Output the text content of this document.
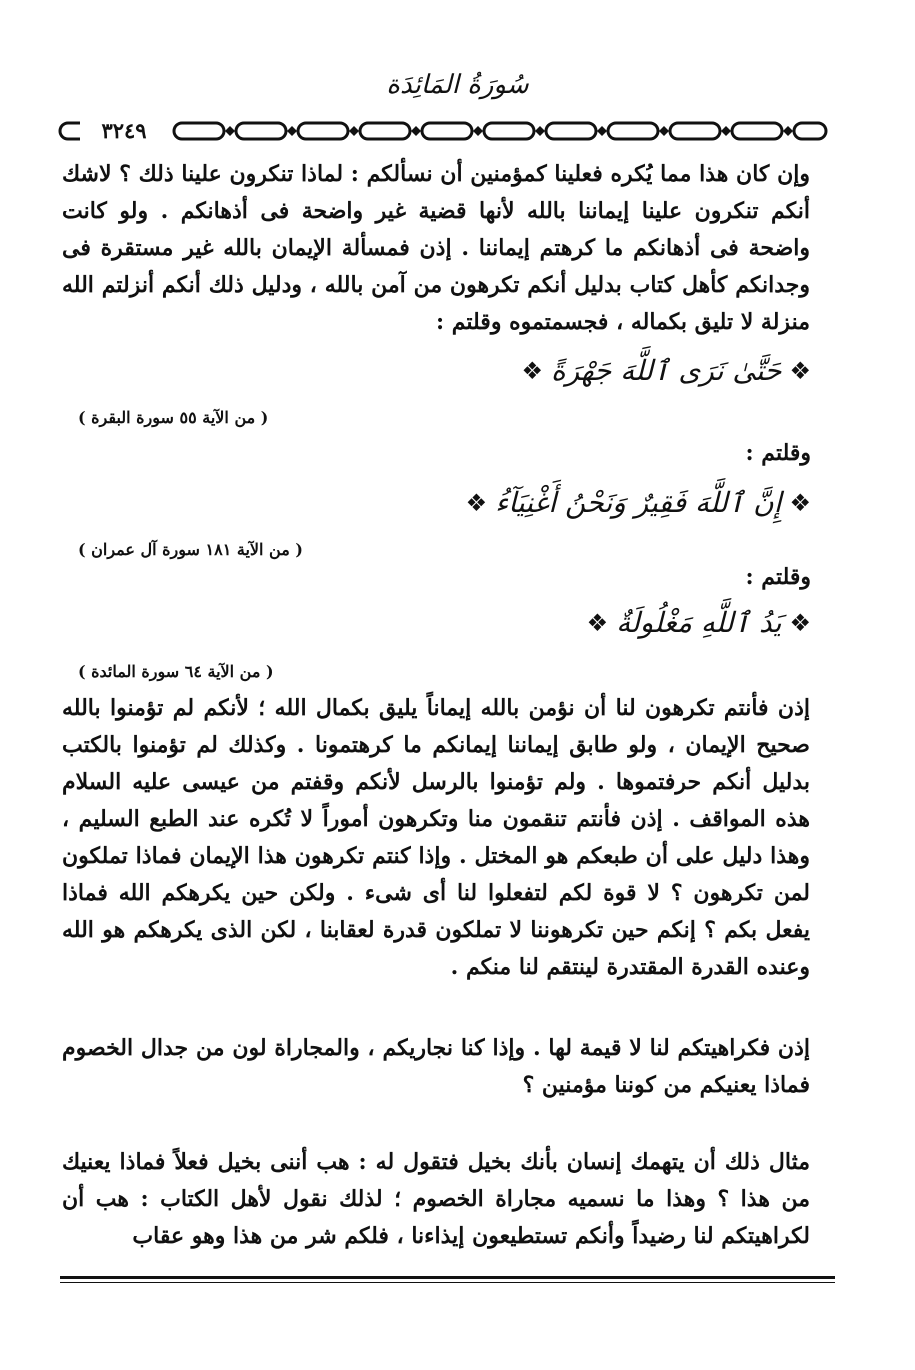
سُورَةُ المَائِدَة
٣٢٤٩
وإن كان هذا مما يُكره فعلينا كمؤمنين أن نسألكم : لماذا تنكرون علينا ذلك ؟ لاشك أنكم تنكرون علينا إيماننا بالله لأنها قضية غير واضحة فى أذهانكم . ولو كانت واضحة فى أذهانكم ما كرهتم إيماننا . إذن فمسألة الإيمان بالله غير مستقرة فى وجدانكم كأهل كتاب بدليل أنكم تكرهون من آمن بالله ، ودليل ذلك أنكم أنزلتم الله منزلة لا تليق بكماله ، فجسمتموه وقلتم :
❖
حَتَّىٰ نَرَى ٱللَّهَ جَهْرَةً
❖
( من الآية ٥٥ سورة البقرة )
وقلتم :
❖
إِنَّ ٱللَّهَ فَقِيرٌ وَنَحْنُ أَغْنِيَآءُ
❖
( من الآية ١٨١ سورة آل عمران )
وقلتم :
❖
يَدُ ٱللَّهِ مَغْلُولَةٌ
❖
( من الآية ٦٤ سورة المائدة )
إذن فأنتم تكرهون لنا أن نؤمن بالله إيماناً يليق بكمال الله ؛ لأنكم لم تؤمنوا بالله صحيح الإيمان ، ولو طابق إيماننا إيمانكم ما كرهتمونا . وكذلك لم تؤمنوا بالكتب بدليل أنكم حرفتموها . ولم تؤمنوا بالرسل لأنكم وقفتم من عيسى عليه السلام هذه المواقف . إذن فأنتم تنقمون منا وتكرهون أموراً لا تُكره عند الطبع السليم ، وهذا دليل على أن طبعكم هو المختل . وإذا كنتم تكرهون هذا الإيمان فماذا تملكون لمن تكرهون ؟ لا قوة لكم لتفعلوا لنا أى شىء . ولكن حين يكرهكم الله فماذا يفعل بكم ؟ إنكم حين تكرهوننا لا تملكون قدرة لعقابنا ، لكن الذى يكرهكم هو الله وعنده القدرة المقتدرة لينتقم لنا منكم .
إذن فكراهيتكم لنا لا قيمة لها . وإذا كنا نجاريكم ، والمجاراة لون من جدال الخصوم فماذا يعنيكم من كوننا مؤمنين ؟
مثال ذلك أن يتهمك إنسان بأنك بخيل فتقول له : هب أننى بخيل فعلاً فماذا يعنيك من هذا ؟ وهذا ما نسميه مجاراة الخصوم ؛ لذلك نقول لأهل الكتاب : هب أن لكراهيتكم لنا رضيداً وأنكم تستطيعون إيذاءنا ، فلكم شر من هذا وهو عقاب
